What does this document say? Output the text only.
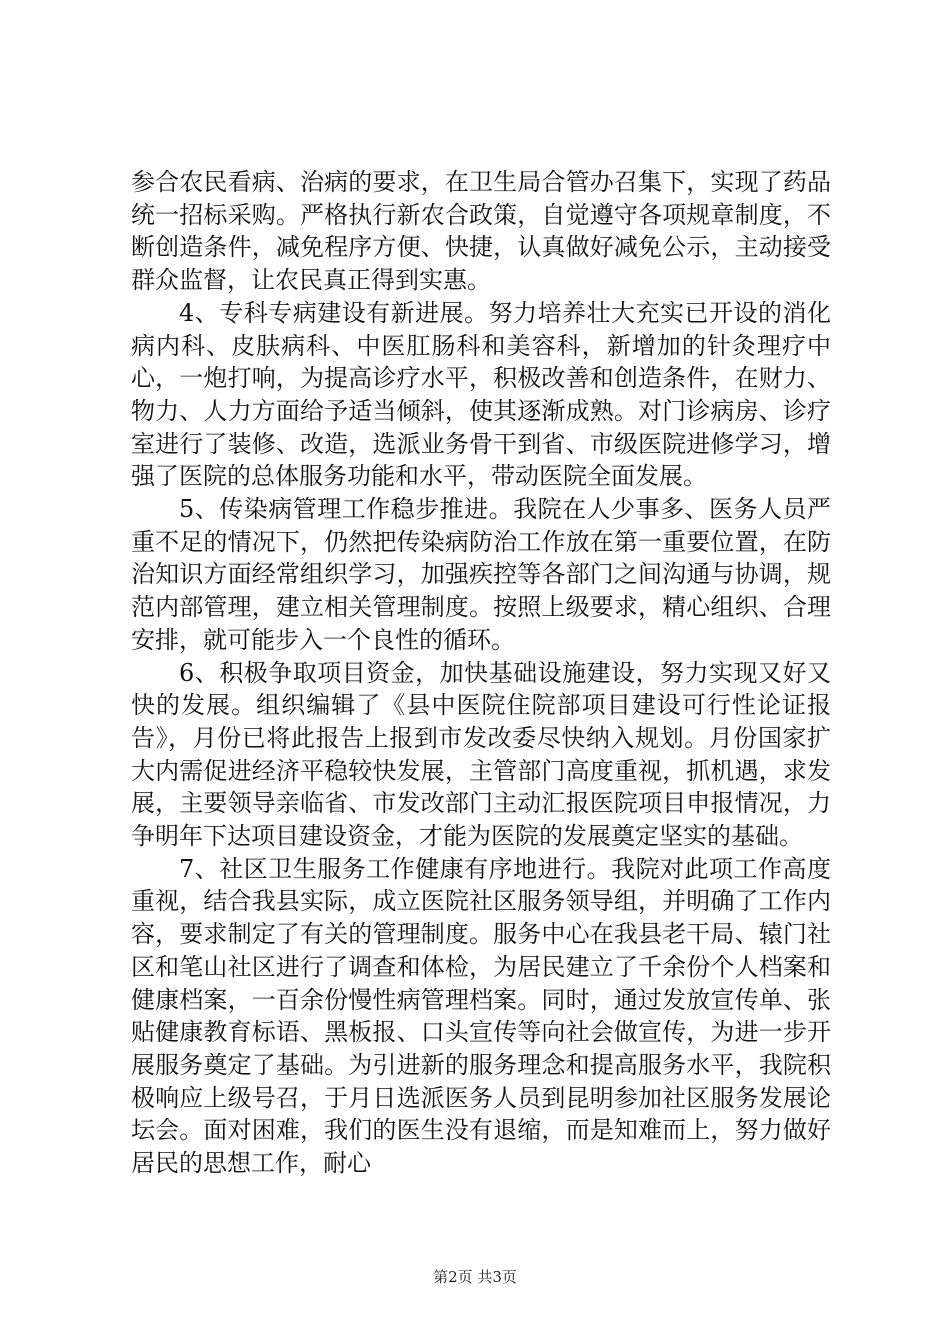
参合农民看病、治病的要求，在卫生局合管办召集下，实现了药品统一招标采购。严格执行新农合政策，自觉遵守各项规章制度，不断创造条件，减免程序方便、快捷，认真做好减免公示，主动接受群众监督，让农民真正得到实惠。

4、专科专病建设有新进展。努力培养壮大充实已开设的消化病内科、皮肤病科、中医肛肠科和美容科，新增加的针灸理疗中心，一炮打响，为提高诊疗水平，积极改善和创造条件，在财力、物力、人力方面给予适当倾斜，使其逐渐成熟。对门诊病房、诊疗室进行了装修、改造，选派业务骨干到省、市级医院进修学习，增强了医院的总体服务功能和水平，带动医院全面发展。

5、传染病管理工作稳步推进。我院在人少事多、医务人员严重不足的情况下，仍然把传染病防治工作放在第一重要位置，在防治知识方面经常组织学习，加强疾控等各部门之间沟通与协调，规范内部管理，建立相关管理制度。按照上级要求，精心组织、合理安排，就可能步入一个良性的循环。

6、积极争取项目资金，加快基础设施建设，努力实现又好又快的发展。组织编辑了《县中医院住院部项目建设可行性论证报告》，月份已将此报告上报到市发改委尽快纳入规划。月份国家扩大内需促进经济平稳较快发展，主管部门高度重视，抓机遇，求发展，主要领导亲临省、市发改部门主动汇报医院项目申报情况，力争明年下达项目建设资金，才能为医院的发展奠定坚实的基础。

7、社区卫生服务工作健康有序地进行。我院对此项工作高度重视，结合我县实际，成立医院社区服务领导组，并明确了工作内容，要求制定了有关的管理制度。服务中心在我县老干局、辕门社区和笔山社区进行了调查和体检，为居民建立了千余份个人档案和健康档案，一百余份慢性病管理档案。同时，通过发放宣传单、张贴健康教育标语、黑板报、口头宣传等向社会做宣传，为进一步开展服务奠定了基础。为引进新的服务理念和提高服务水平，我院积极响应上级号召，于月日选派医务人员到昆明参加社区服务发展论坛会。面对困难，我们的医生没有退缩，而是知难而上，努力做好居民的思想工作，耐心

第2页 共3页
